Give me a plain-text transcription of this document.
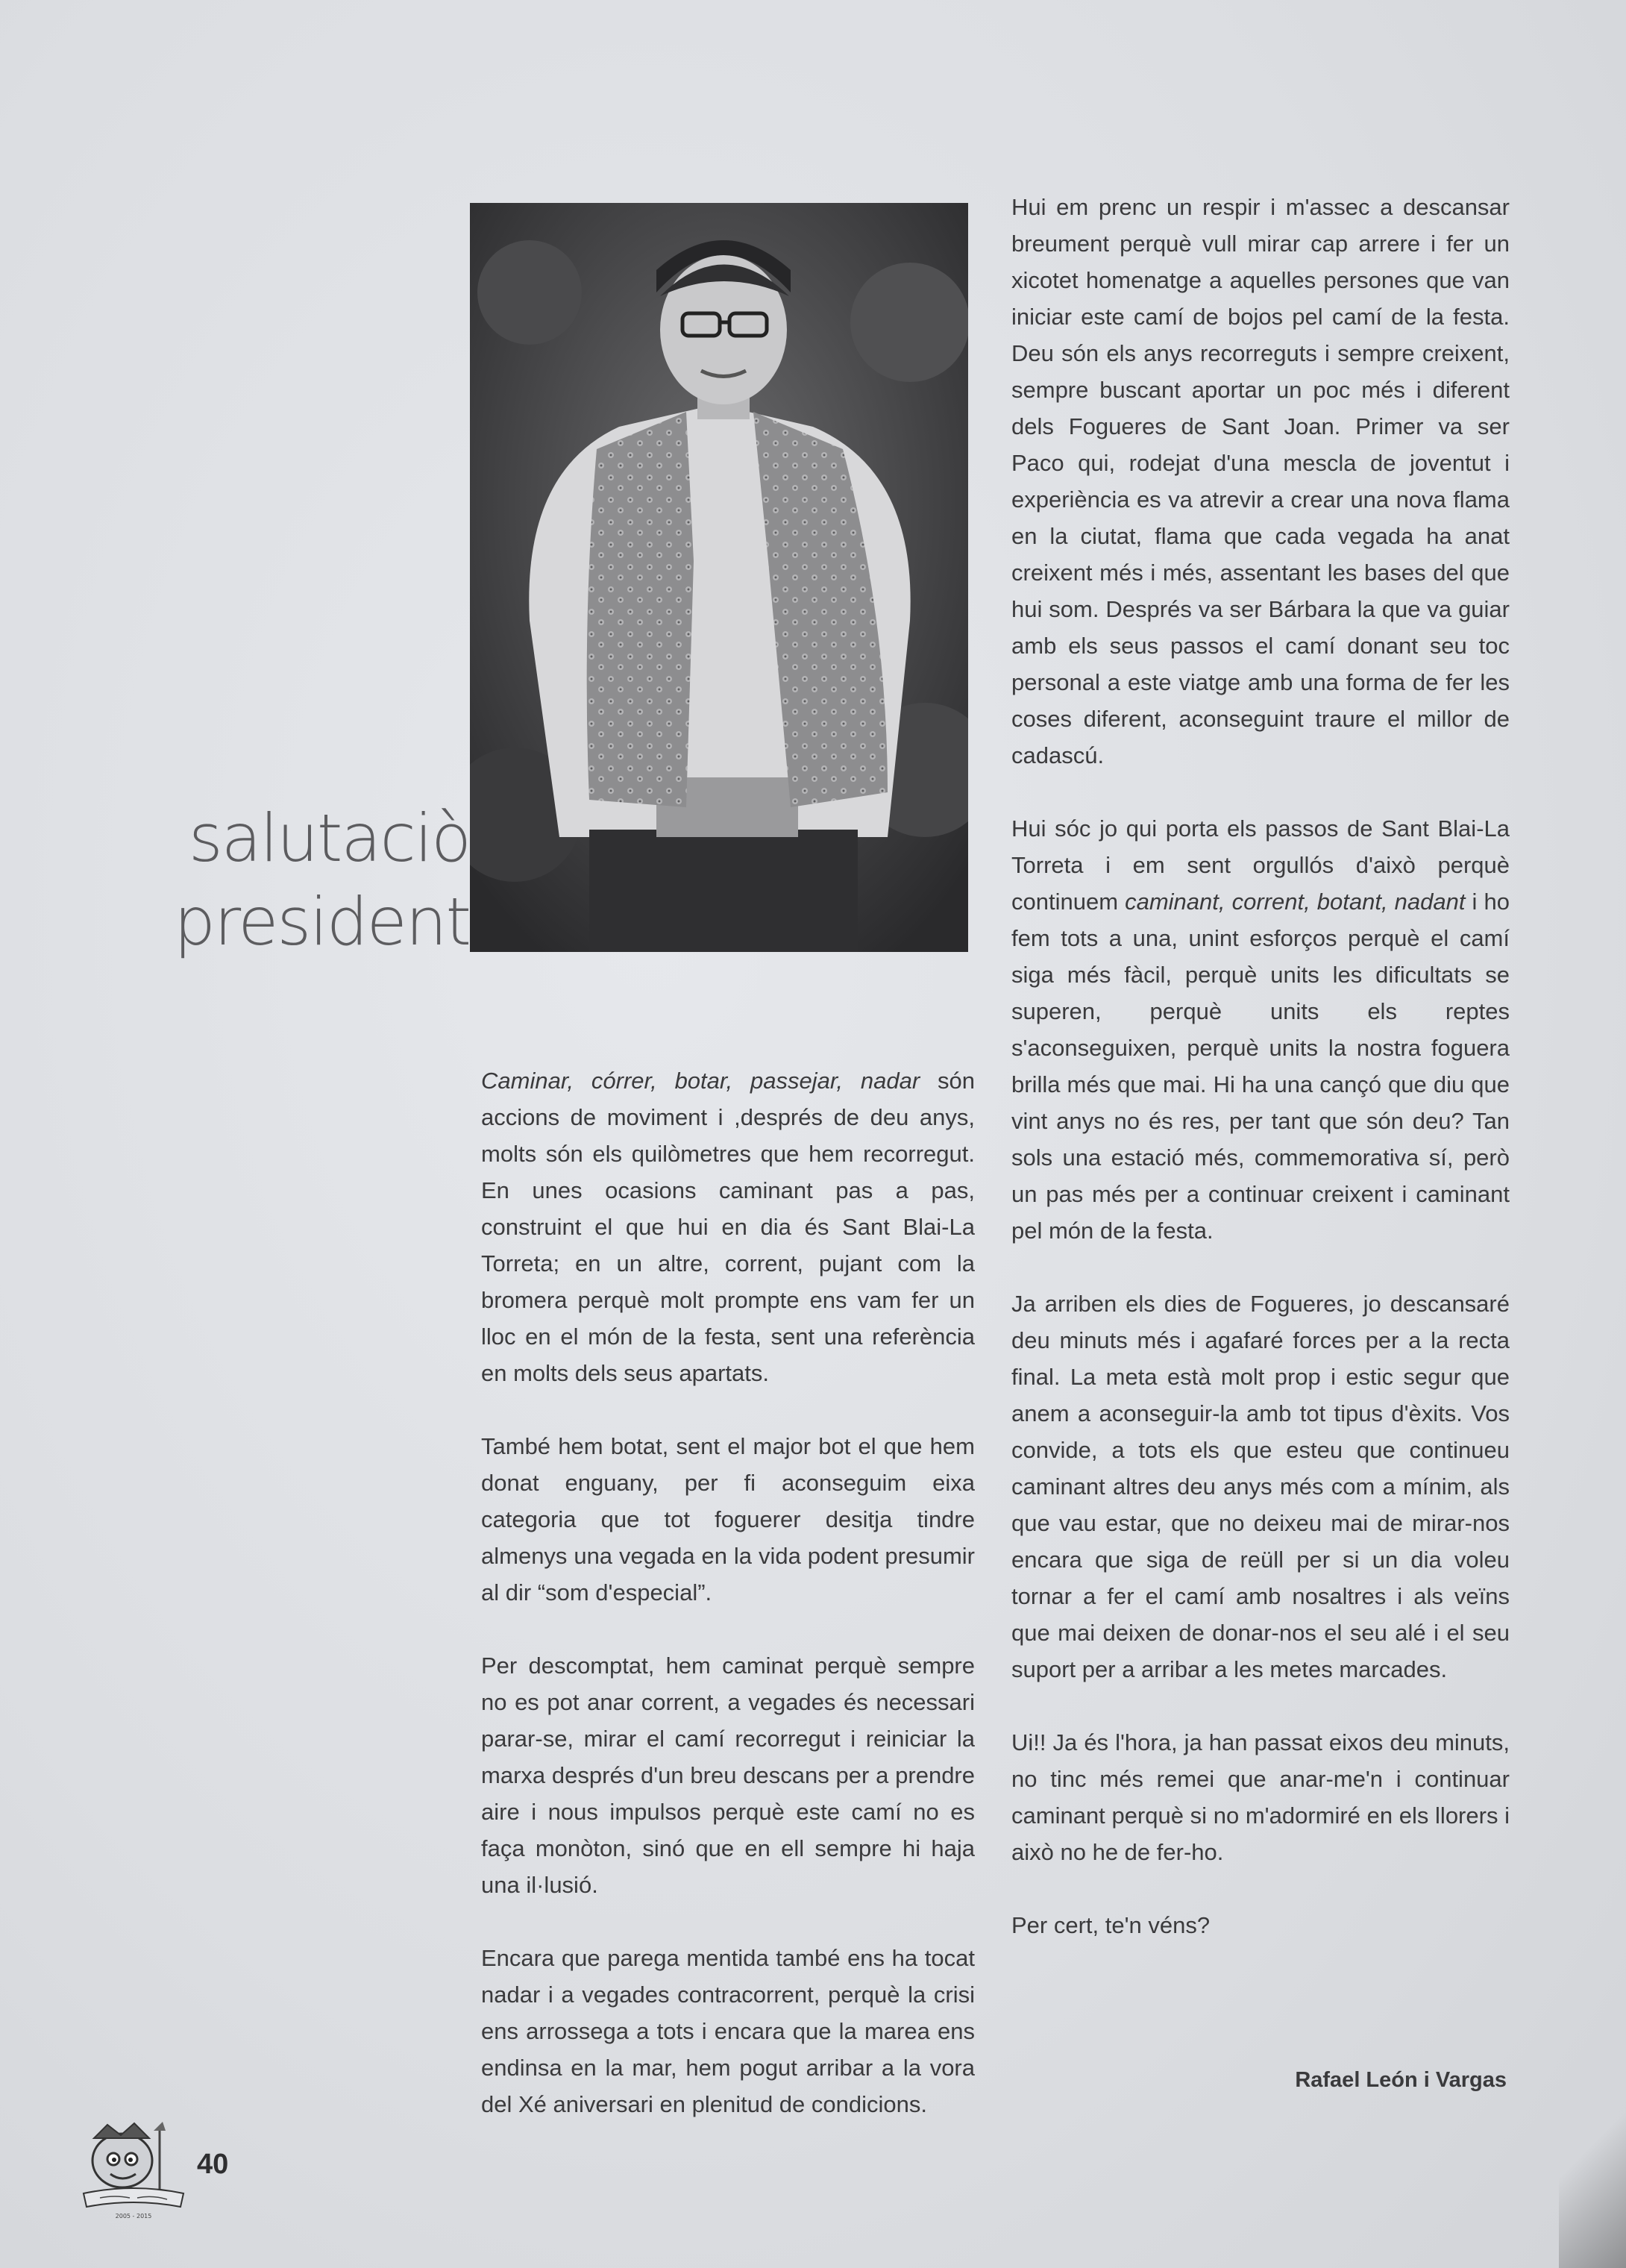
salutaciò
president

Caminar, córrer, botar, passejar, nadar són accions de moviment i ,després de deu anys, molts són els quilòmetres que hem recorregut. En unes ocasions caminant pas a pas, construint el que hui en dia és Sant Blai-La Torreta; en un altre, corrent, pujant com la bromera perquè molt prompte ens vam fer un lloc en el món de la festa, sent una referència en molts dels seus apartats.

També hem botat, sent el major bot el que hem donat enguany, per fi aconseguim eixa categoria que tot foguerer desitja tindre almenys una vegada en la vida podent presumir al dir “som d'especial”.

Per descomptat, hem caminat perquè sempre no es pot anar corrent, a vegades és necessari parar-se, mirar el camí recorregut i reiniciar la marxa després d'un breu descans per a prendre aire i nous impulsos perquè este camí no es faça monòton, sinó que en ell sempre hi haja una il·lusió.

Encara que parega mentida també ens ha tocat nadar i a vegades contracorrent, perquè la crisi ens arrossega a tots i encara que la marea ens endinsa en la mar, hem pogut arribar a la vora del Xé aniversari en plenitud de condicions.

Hui em prenc un respir i m'assec a descansar breument perquè vull mirar cap arrere i fer un xicotet homenatge a aquelles persones que van iniciar este camí de bojos pel camí de la festa. Deu són els anys recorreguts i sempre creixent, sempre buscant aportar un poc més i diferent dels Fogueres de Sant Joan. Primer va ser Paco qui, rodejat d'una mescla de joventut i experiència es va atrevir a crear una nova flama en la ciutat, flama que cada vegada ha anat creixent més i més, assentant les bases del que hui som. Després va ser Bárbara la que va guiar amb els seus passos el camí donant seu toc personal a este viatge amb una forma de fer les coses diferent, aconseguint traure el millor de cadascú.

Hui sóc jo qui porta els passos de Sant Blai-La Torreta i em sent orgullós d'això perquè continuem caminant, corrent, botant, nadant i ho fem tots a una, unint esforços perquè el camí siga més fàcil, perquè units les dificultats se superen, perquè units els reptes s'aconseguixen, perquè units la nostra foguera brilla més que mai. Hi ha una cançó que diu que vint anys no és res, per tant que són deu? Tan sols una estació més, commemorativa sí, però un pas més per a continuar creixent i caminant pel món de la festa.

Ja arriben els dies de Fogueres, jo descansaré deu minuts més i agafaré forces per a la recta final. La meta està molt prop i estic segur que anem a aconseguir-la amb tot tipus d'èxits. Vos convide, a tots els que esteu que continueu caminant altres deu anys més com a mínim, als que vau estar, que no deixeu mai de mirar-nos encara que siga de reüll per si un dia voleu tornar a fer el camí amb nosaltres i als veïns que mai deixen de donar-nos el seu alé i el seu suport per a arribar a les metes marcades.

Ui!! Ja és l'hora, ja han passat eixos deu minuts, no tinc més remei que anar-me'n i continuar caminant perquè si no m'adormiré en els llorers i això no he de fer-ho.

Per cert, te'n véns?

Rafael León i Vargas
2005 - 2015
40
